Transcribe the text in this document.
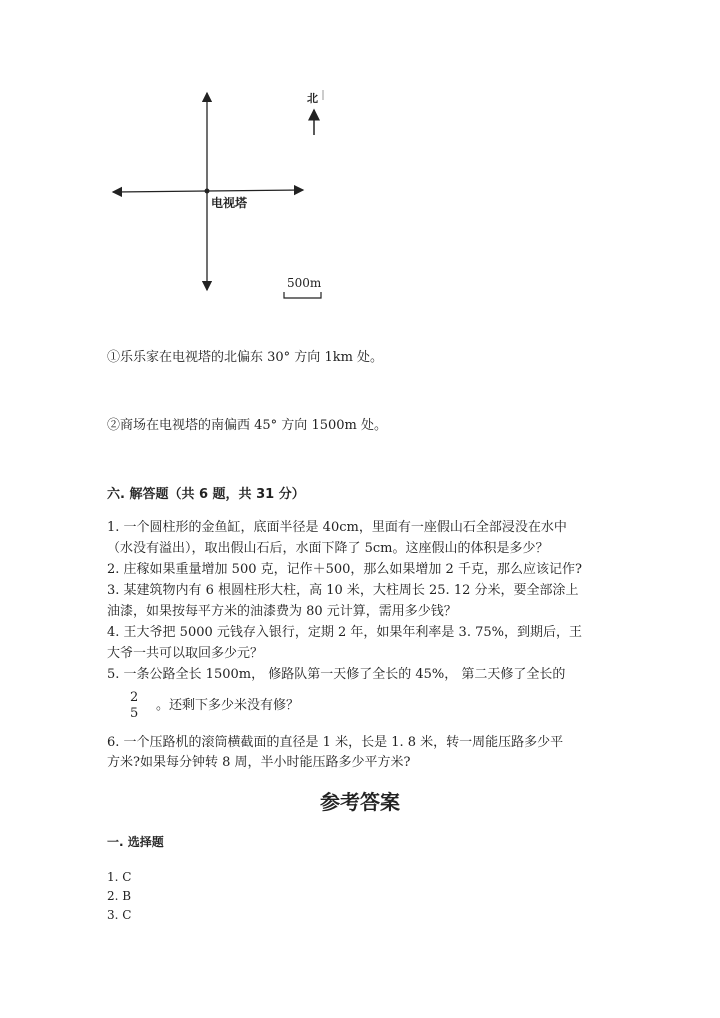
电视塔
北
500m
①乐乐家在电视塔的北偏东 30° 方向 1km 处。
②商场在电视塔的南偏西 45° 方向 1500m 处。
六. 解答题（共 6 题，共 31 分）
1. 一个圆柱形的金鱼缸，底面半径是 40cm，里面有一座假山石全部浸没在水中
（水没有溢出），取出假山石后，水面下降了 5cm。这座假山的体积是多少？
2. 庄稼如果重量增加 500 克，记作＋500，那么如果增加 2 千克，那么应该记作?
3. 某建筑物内有 6 根圆柱形大柱，高 10 米，大柱周长 25. 12 分米，要全部涂上
油漆，如果按每平方米的油漆费为 80 元计算，需用多少钱？
4. 王大爷把 5000 元钱存入银行，定期 2 年，如果年利率是 3. 75%，到期后，王
大爷一共可以取回多少元？
5. 一条公路全长 1500m， 修路队第一天修了全长的 45%， 第二天修了全长的
2
5
。还剩下多少米没有修？
6. 一个压路机的滚筒横截面的直径是 1 米，长是 1. 8 米，转一周能压路多少平
方米?如果每分钟转 8 周，半小时能压路多少平方米?
参考答案
一. 选择题
1. C
2. B
3. C
